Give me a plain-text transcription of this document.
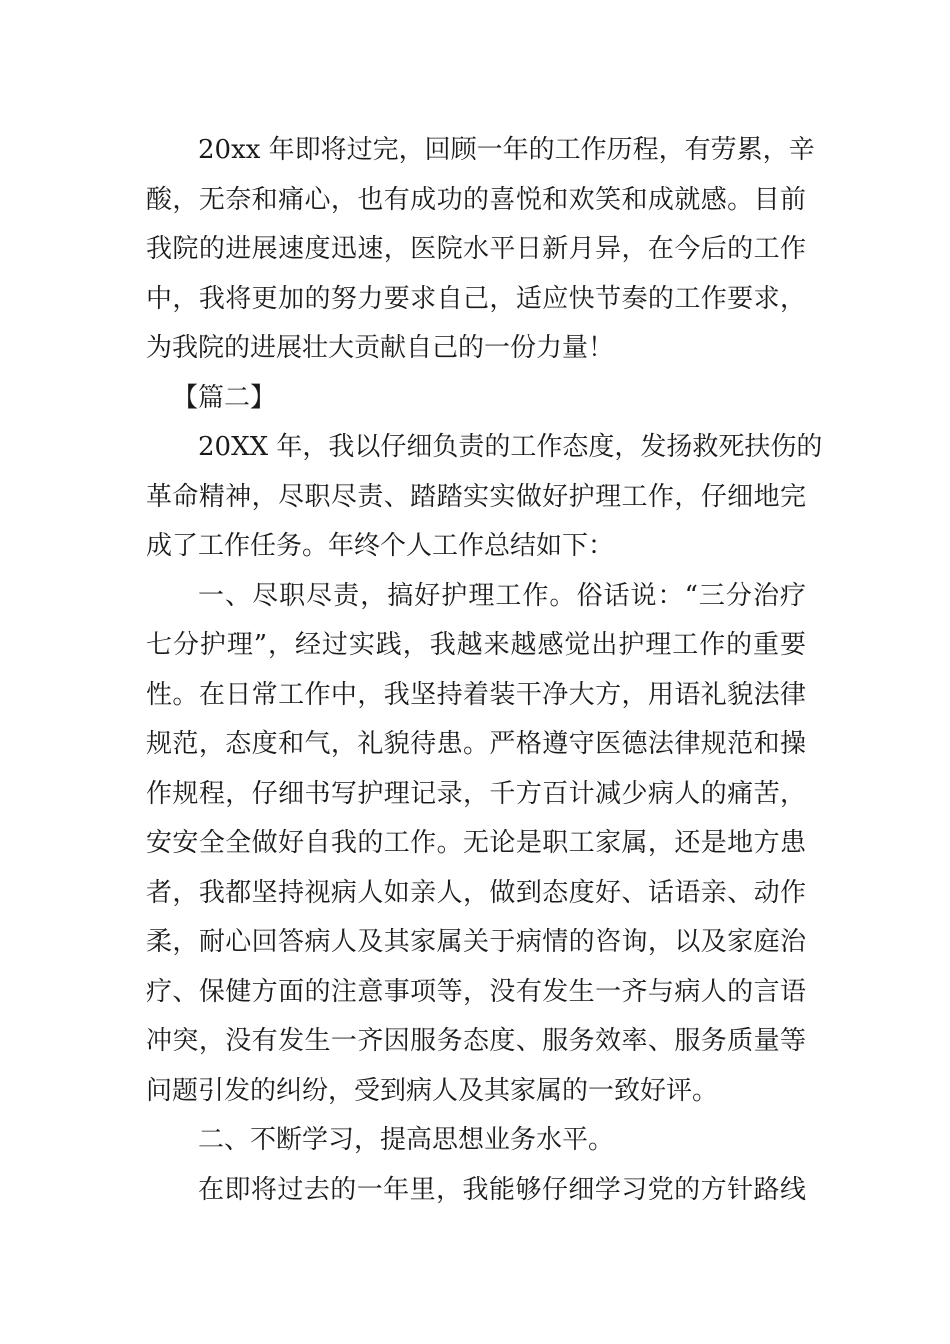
20xx 年即将过完，回顾一年的工作历程，有劳累，辛
酸，无奈和痛心，也有成功的喜悦和欢笑和成就感。目前
我院的进展速度迅速，医院水平日新月异，在今后的工作
中，我将更加的努力要求自己，适应快节奏的工作要求，
为我院的进展壮大贡献自己的一份力量！
【篇二】
20XX 年，我以仔细负责的工作态度，发扬救死扶伤的
革命精神，尽职尽责、踏踏实实做好护理工作，仔细地完
成了工作任务。年终个人工作总结如下：
一、尽职尽责，搞好护理工作。俗话说：“三分治疗
七分护理”，经过实践，我越来越感觉出护理工作的重要
性。在日常工作中，我坚持着装干净大方，用语礼貌法律
规范，态度和气，礼貌待患。严格遵守医德法律规范和操
作规程，仔细书写护理记录，千方百计减少病人的痛苦，
安安全全做好自我的工作。无论是职工家属，还是地方患
者，我都坚持视病人如亲人，做到态度好、话语亲、动作
柔，耐心回答病人及其家属关于病情的咨询，以及家庭治
疗、保健方面的注意事项等，没有发生一齐与病人的言语
冲突，没有发生一齐因服务态度、服务效率、服务质量等
问题引发的纠纷，受到病人及其家属的一致好评。
二、不断学习，提高思想业务水平。
在即将过去的一年里，我能够仔细学习党的方针路线
